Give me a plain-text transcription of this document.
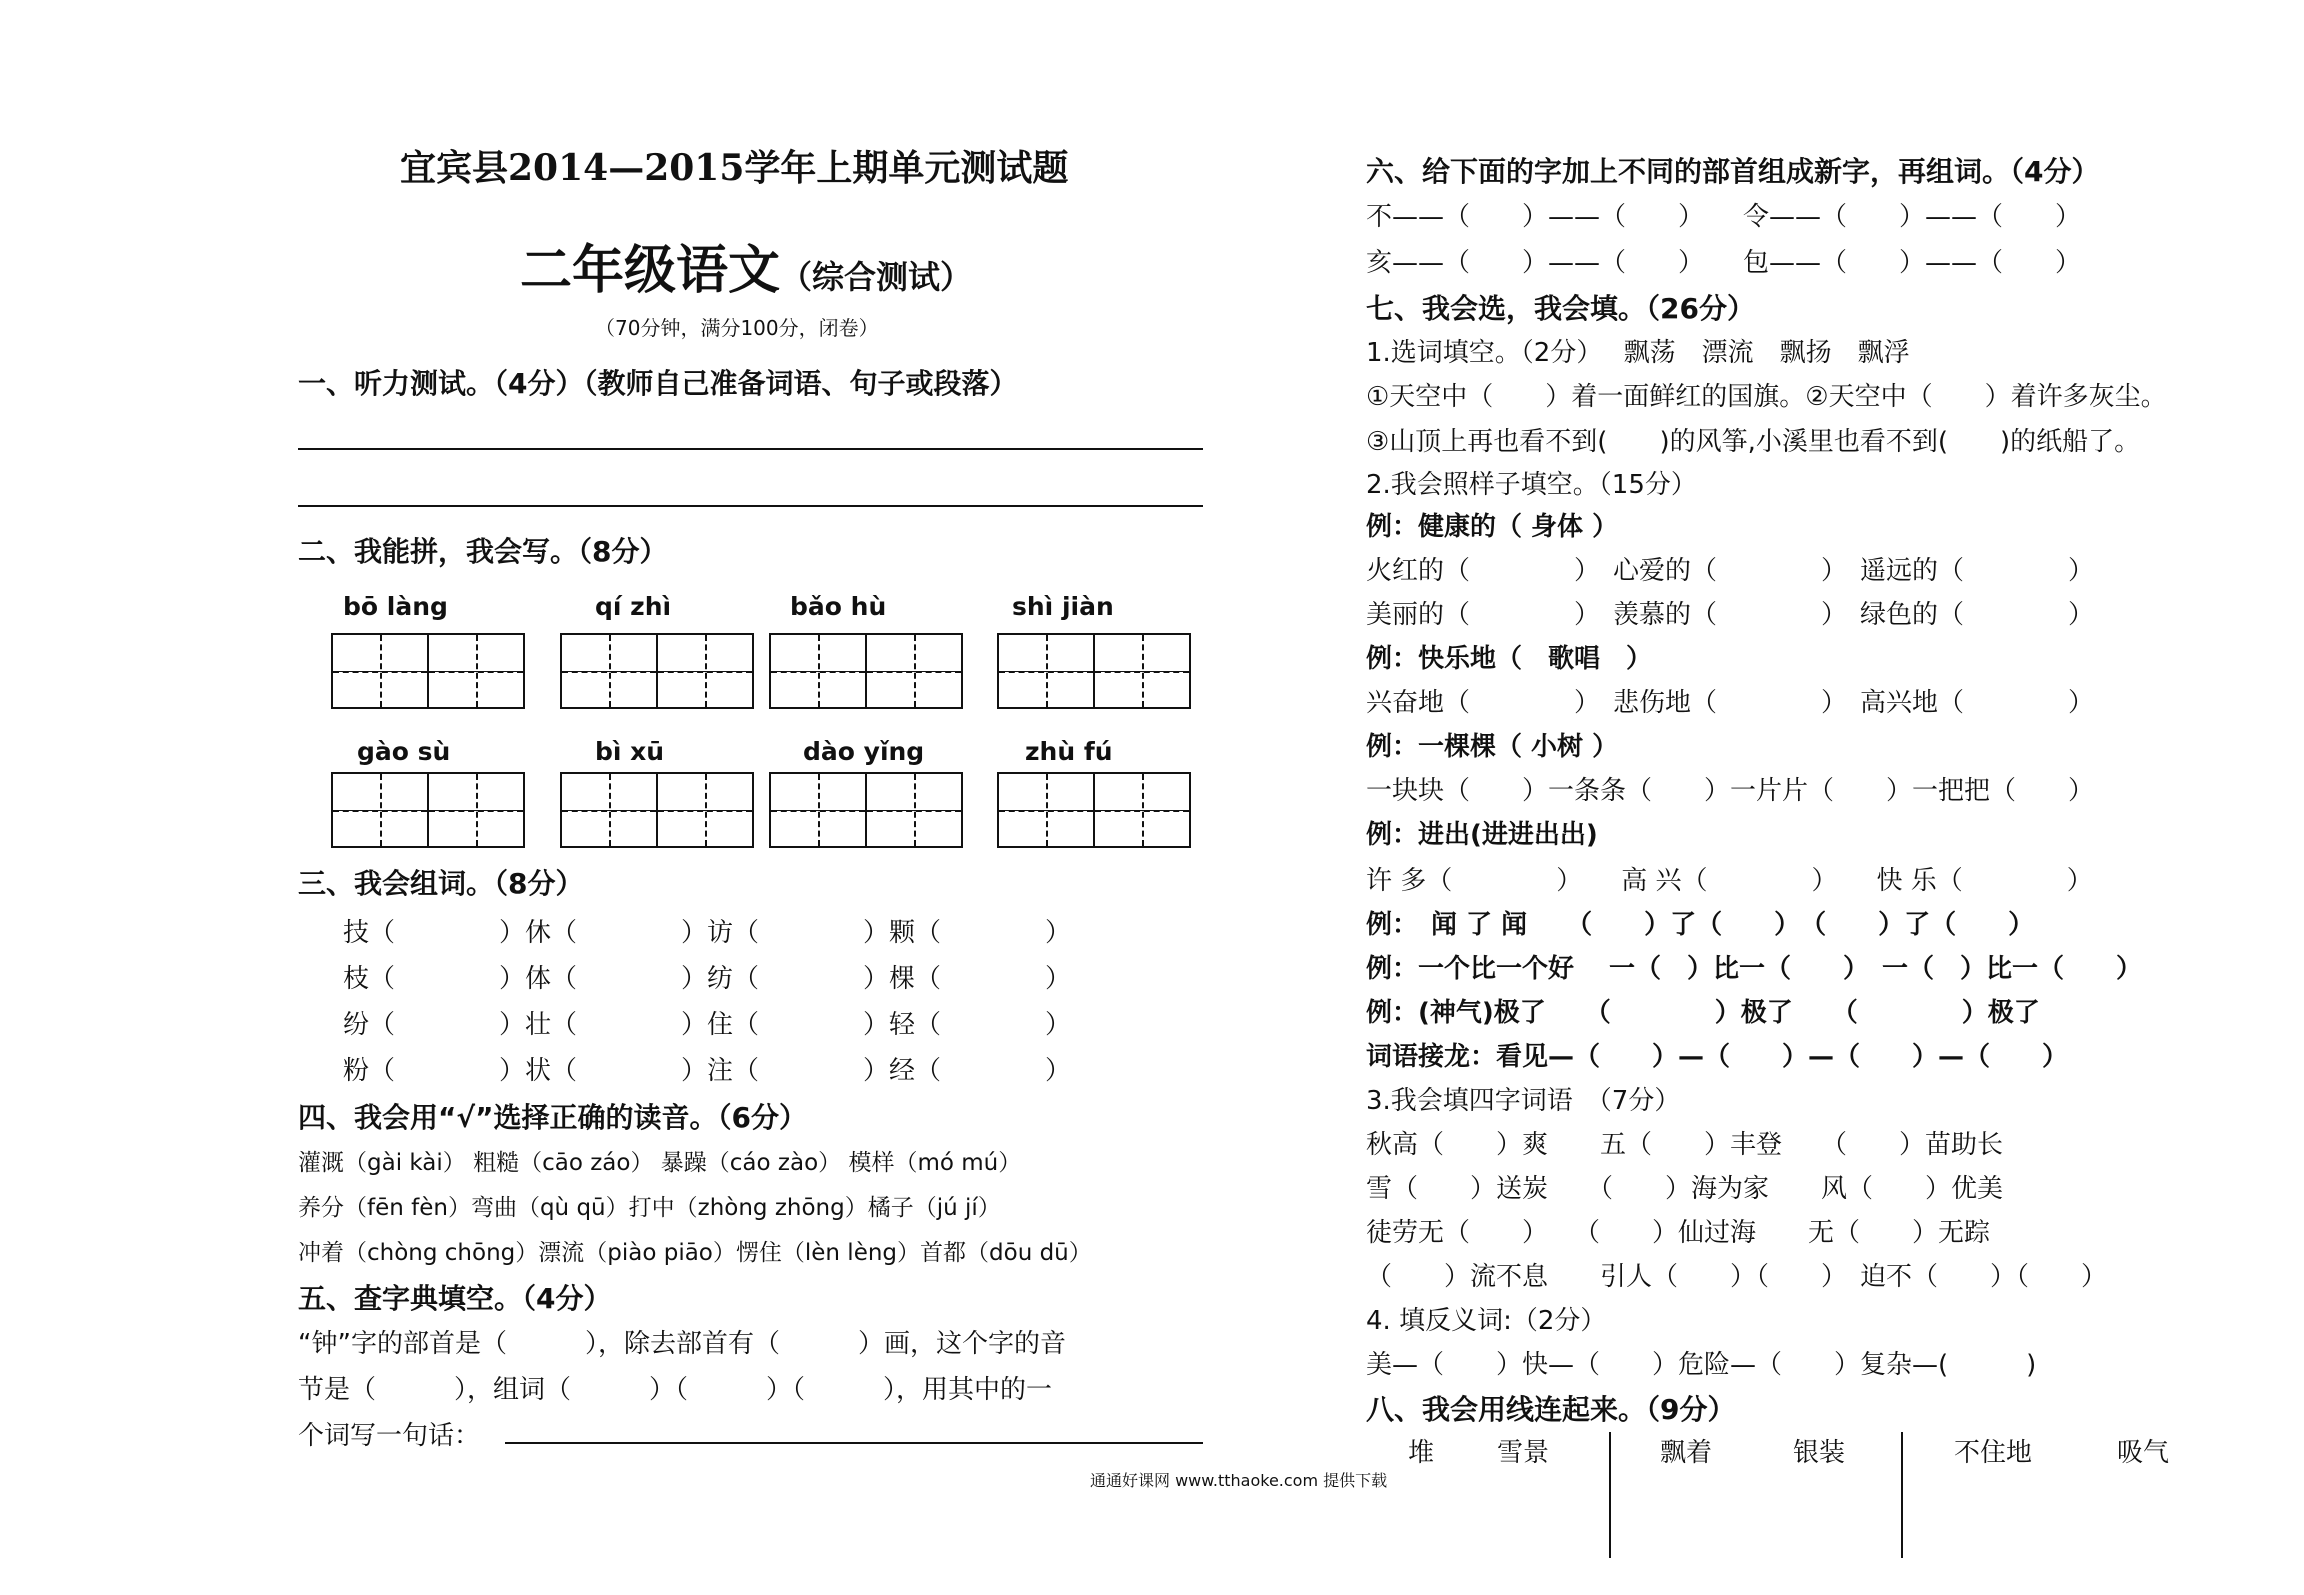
宜宾县2014—2015学年上期单元测试题
二年级语文（综合测试）
（70分钟，满分100分，闭卷）
一、听力测试。（4分）（教师自己准备词语、句子或段落）
二、我能拼，我会写。（8分）
bō làng	qí zhì	bǎo hù	shì jiàn
gào sù	bì xū	dào yǐng	zhù fú
三、我会组词。（8分）
技（　　　　）休（　　　　）访（　　　　）颗（　　　　）
枝（　　　　）体（　　　　）纺（　　　　）棵（　　　　）
纷（　　　　）壮（　　　　）住（　　　　）轻（　　　　）
粉（　　　　）状（　　　　）注（　　　　）经（　　　　）
四、我会用“√”选择正确的读音。（6分）
灌溉（gài kài） 粗糙（cāo záo） 暴躁（cáo zào） 模样（mó mú）
养分（fēn fèn）弯曲（qù qū）打中（zhòng zhōng）橘子（jú jí）
冲着（chòng chōng）漂流（piào piāo）愣住（lèn lèng）首都（dōu dū）
五、查字典填空。（4分）
“钟”字的部首是（　　　），除去部首有（　　　）画，这个字的音
节是（　　　），组词（　　　）（　　　）（　　　），用其中的一
个词写一句话：
六、给下面的字加上不同的部首组成新字，再组词。（4分）
不——（　　）——（　　）　　令——（　　）——（　　）
亥——（　　）——（　　）　　包——（　　）——（　　）
七、我会选，我会填。（26分）
1.选词填空。（2分）　 飘荡　漂流　飘扬　飘浮
①天空中（　　）着一面鲜红的国旗。②天空中（　　）着许多灰尘。
③山顶上再也看不到(　　)的风筝,小溪里也看不到(　　)的纸船了。
2.我会照样子填空。（15分）
例：健康的（ 身体 ）
火红的（　　　　）　心爱的（　　　　）　遥远的（　　　　）
美丽的（　　　　）　羡慕的（　　　　）　绿色的（　　　　）
例：快乐地（　歌唱　）
兴奋地（　　　　）　悲伤地（　　　　）　高兴地（　　　　）
例：一棵棵（ 小树 ）
一块块（　　）一条条（　　）一片片（　　）一把把（　　）
例：进出(进进出出)
许 多（　　　　）　　高 兴（　　　　）　　快 乐（　　　　）
例：　闻 了 闻　　（　　）了（　　）　（　　）了（　　）
例：一个比一个好　 一（　）比一（　　）　一（　）比一（　　）
例：(神气)极了　　（　　　　）极了　　（　　　　）极了
词语接龙：看见—（　　）—（　　）—（　　）—（　　）
3.我会填四字词语　（7分）
秋高（　　）爽　　五（　　）丰登　　（　　）苗助长
雪（　　）送炭　　（　　）海为家　　风（　　）优美
徒劳无（　　）　　（　　）仙过海　　无（　　）无踪
（　　）流不息　　引人（　　）（　　）　迫不（　　）（　　）
4. 填反义词:（2分）
美—（　　）快—（　　）危险—（　　）复杂—(　　　)
八、我会用线连起来。（9分）
堆 雪景	飘着	银装	不住地	吸气
通通好课网 www.tthaoke.com 提供下载
